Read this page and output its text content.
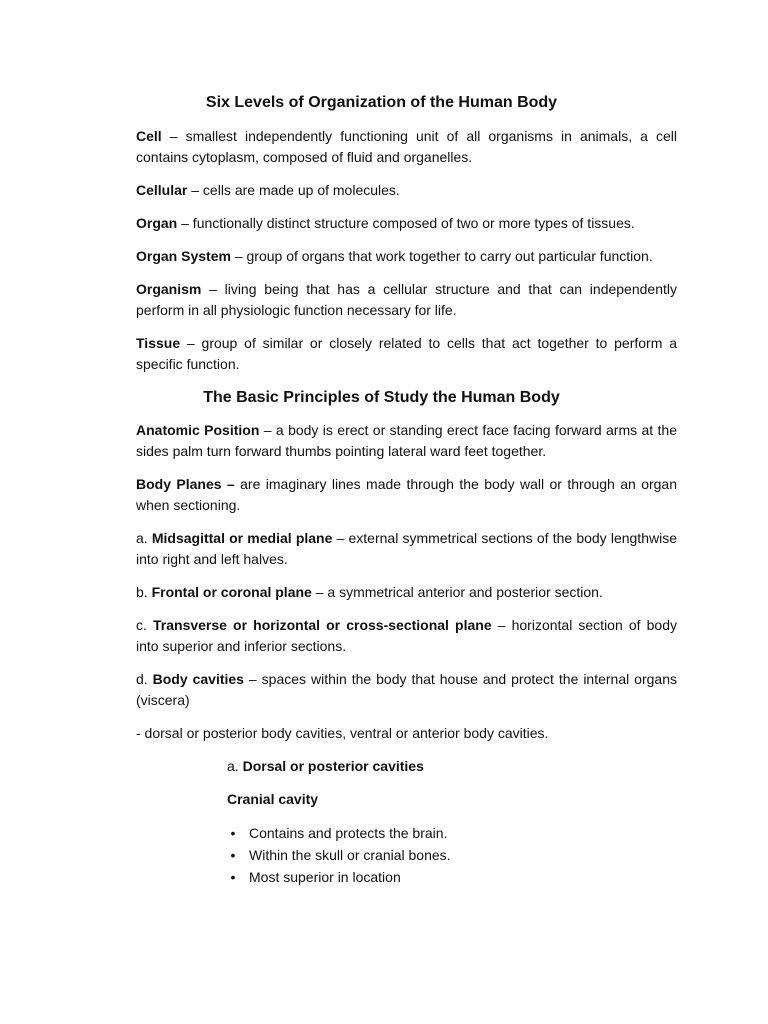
Six Levels of Organization of the Human Body

Cell – smallest independently functioning unit of all organisms in animals, a cell contains cytoplasm, composed of fluid and organelles.

Cellular – cells are made up of molecules.

Organ – functionally distinct structure composed of two or more types of tissues.

Organ System – group of organs that work together to carry out particular function.

Organism – living being that has a cellular structure and that can independently perform in all physiologic function necessary for life.

Tissue – group of similar or closely related to cells that act together to perform a specific function.

The Basic Principles of Study the Human Body

Anatomic Position – a body is erect or standing erect face facing forward arms at the sides palm turn forward thumbs pointing lateral ward feet together.

Body Planes – are imaginary lines made through the body wall or through an organ when sectioning.

a. Midsagittal or medial plane – external symmetrical sections of the body lengthwise into right and left halves.

b. Frontal or coronal plane – a symmetrical anterior and posterior section.

c. Transverse or horizontal or cross-sectional plane – horizontal section of body into superior and inferior sections.

d. Body cavities – spaces within the body that house and protect the internal organs (viscera)

- dorsal or posterior body cavities, ventral or anterior body cavities.

a. Dorsal or posterior cavities

Cranial cavity

• Contains and protects the brain.
• Within the skull or cranial bones.
• Most superior in location
